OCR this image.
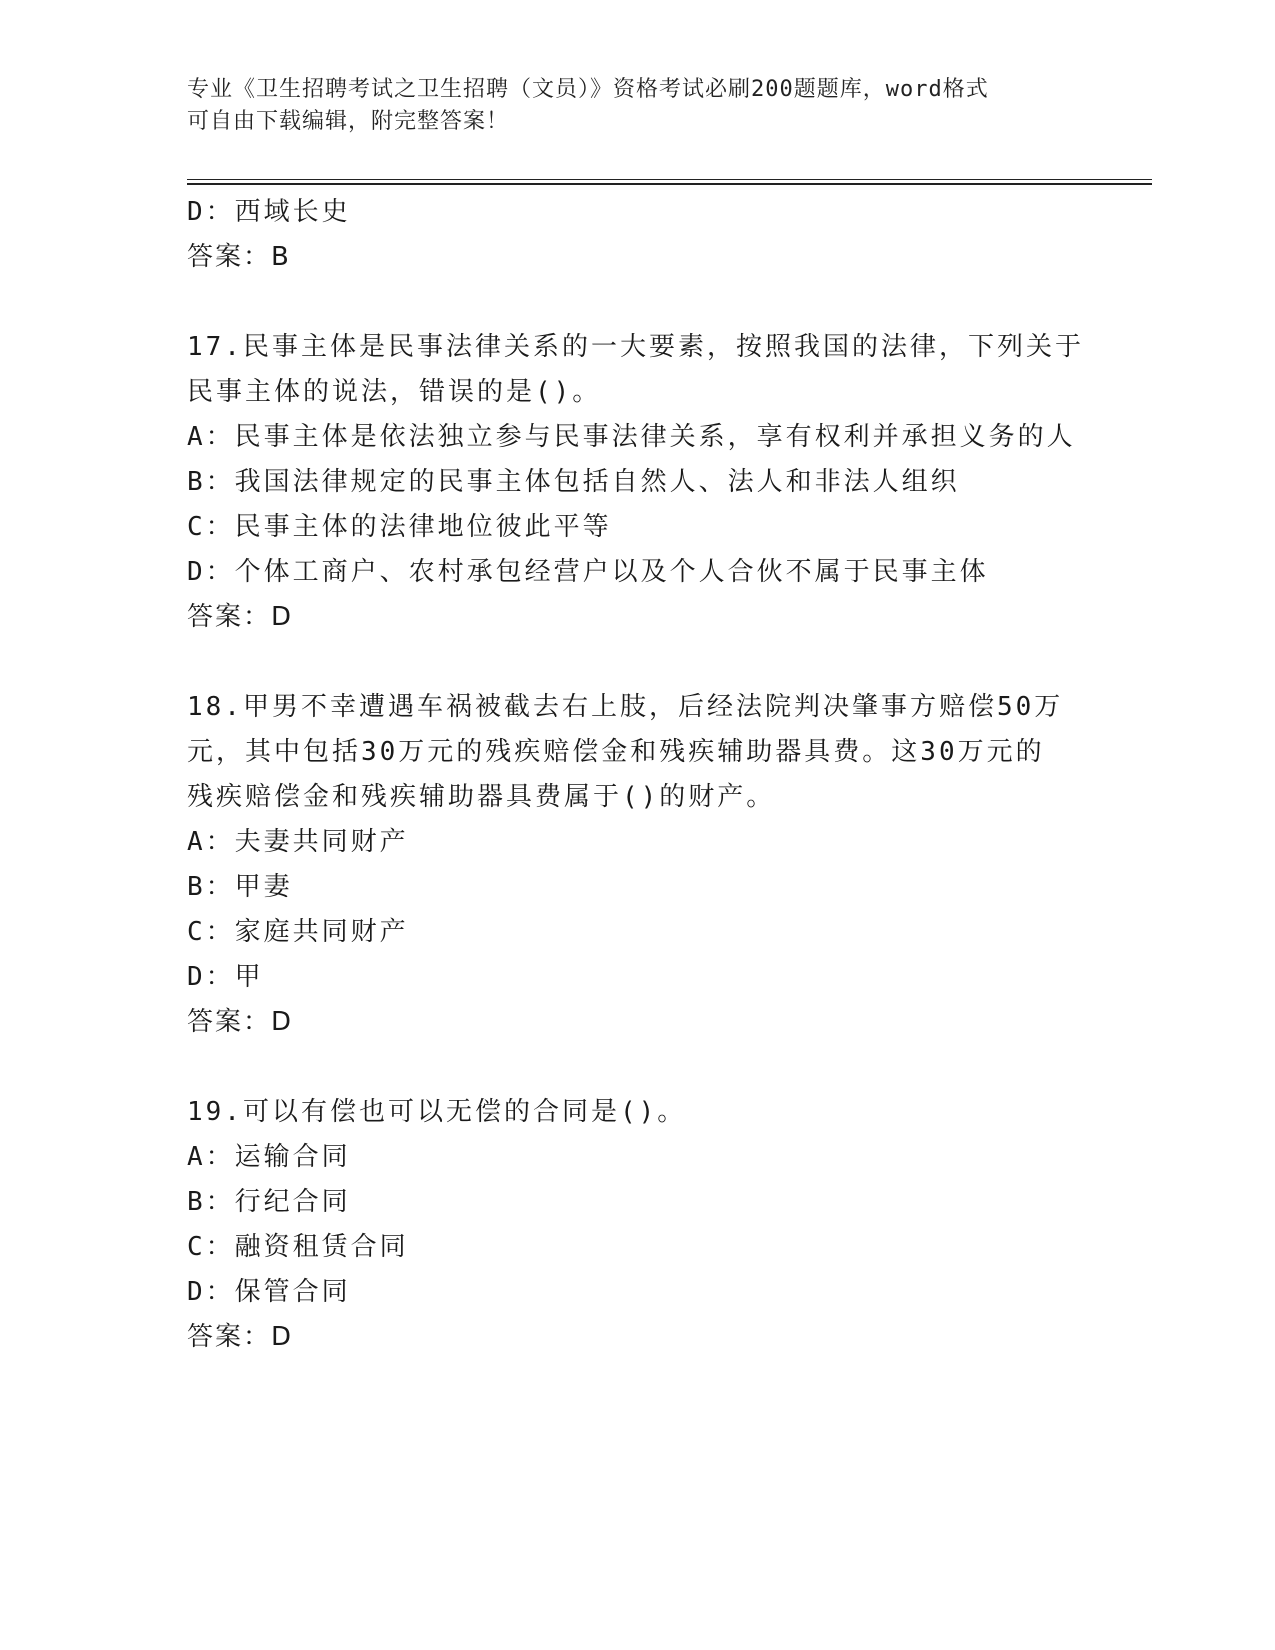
专业《卫生招聘考试之卫生招聘（文员）》资格考试必刷200题题库，word格式
可自由下载编辑，附完整答案！
D：西域长史
答案：B
17.民事主体是民事法律关系的一大要素，按照我国的法律，下列关于
民事主体的说法，错误的是()。
A：民事主体是依法独立参与民事法律关系，享有权利并承担义务的人
B：我国法律规定的民事主体包括自然人、法人和非法人组织
C：民事主体的法律地位彼此平等
D：个体工商户、农村承包经营户以及个人合伙不属于民事主体
答案：D
18.甲男不幸遭遇车祸被截去右上肢，后经法院判决肇事方赔偿50万
元，其中包括30万元的残疾赔偿金和残疾辅助器具费。这30万元的
残疾赔偿金和残疾辅助器具费属于()的财产。
A：夫妻共同财产
B：甲妻
C：家庭共同财产
D：甲
答案：D
19.可以有偿也可以无偿的合同是()。
A：运输合同
B：行纪合同
C：融资租赁合同
D：保管合同
答案：D
